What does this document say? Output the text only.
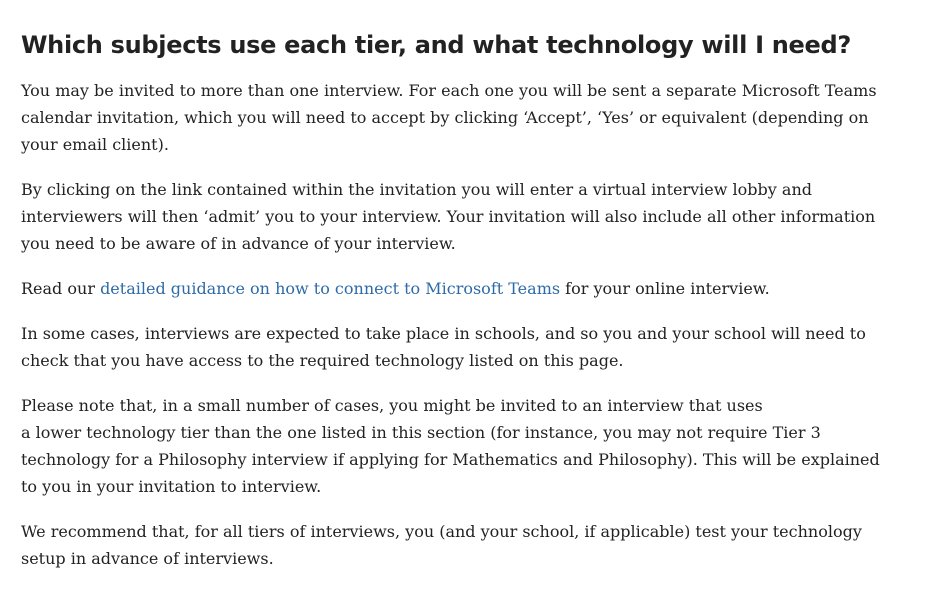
Which subjects use each tier, and what technology will I need?

You may be invited to more than one interview. For each one you will be sent a separate Microsoft Teams
calendar invitation, which you will need to accept by clicking ‘Accept’, ‘Yes’ or equivalent (depending on
your email client).

By clicking on the link contained within the invitation you will enter a virtual interview lobby and
interviewers will then ‘admit’ you to your interview. Your invitation will also include all other information
you need to be aware of in advance of your interview.

Read our detailed guidance on how to connect to Microsoft Teams for your online interview.

In some cases, interviews are expected to take place in schools, and so you and your school will need to
check that you have access to the required technology listed on this page.

Please note that, in a small number of cases, you might be invited to an interview that uses
a lower technology tier than the one listed in this section (for instance, you may not require Tier 3
technology for a Philosophy interview if applying for Mathematics and Philosophy). This will be explained
to you in your invitation to interview.

We recommend that, for all tiers of interviews, you (and your school, if applicable) test your technology
setup in advance of interviews.
